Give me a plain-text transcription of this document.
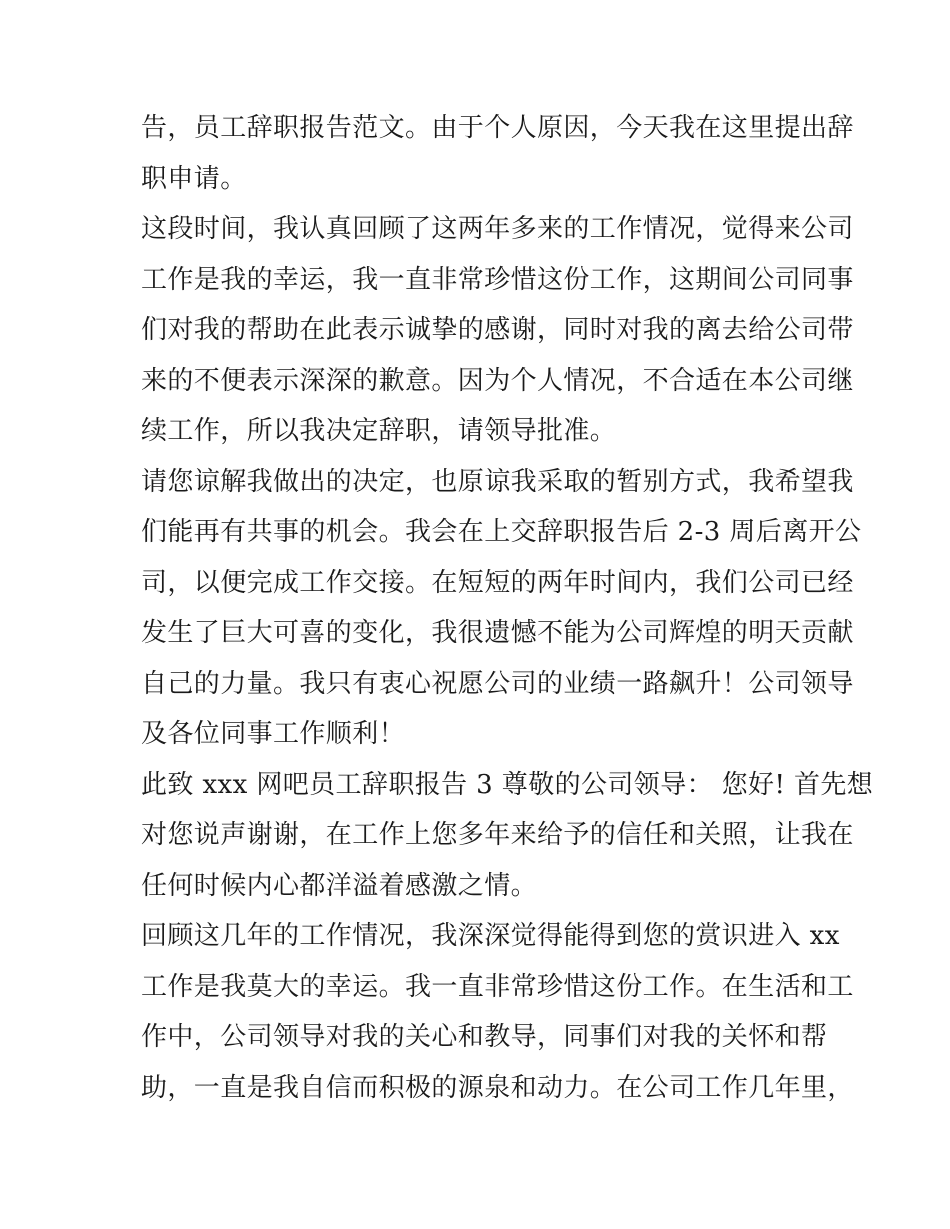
告，员工辞职报告范文。由于个人原因，今天我在这里提出辞
职申请。
这段时间，我认真回顾了这两年多来的工作情况，觉得来公司
工作是我的幸运，我一直非常珍惜这份工作，这期间公司同事
们对我的帮助在此表示诚挚的感谢，同时对我的离去给公司带
来的不便表示深深的歉意。因为个人情况，不合适在本公司继
续工作，所以我决定辞职，请领导批准。
请您谅解我做出的决定，也原谅我采取的暂别方式，我希望我
们能再有共事的机会。我会在上交辞职报告后 2-3 周后离开公
司，以便完成工作交接。在短短的两年时间内，我们公司已经
发生了巨大可喜的变化，我很遗憾不能为公司辉煌的明天贡献
自己的力量。我只有衷心祝愿公司的业绩一路飙升！公司领导
及各位同事工作顺利！
此致 xxx 网吧员工辞职报告 3 尊敬的公司领导： 您好! 首先想
对您说声谢谢，在工作上您多年来给予的信任和关照，让我在
任何时候内心都洋溢着感激之情。
回顾这几年的工作情况，我深深觉得能得到您的赏识进入 xx
工作是我莫大的幸运。我一直非常珍惜这份工作。在生活和工
作中，公司领导对我的关心和教导，同事们对我的关怀和帮
助，一直是我自信而积极的源泉和动力。在公司工作几年里，
